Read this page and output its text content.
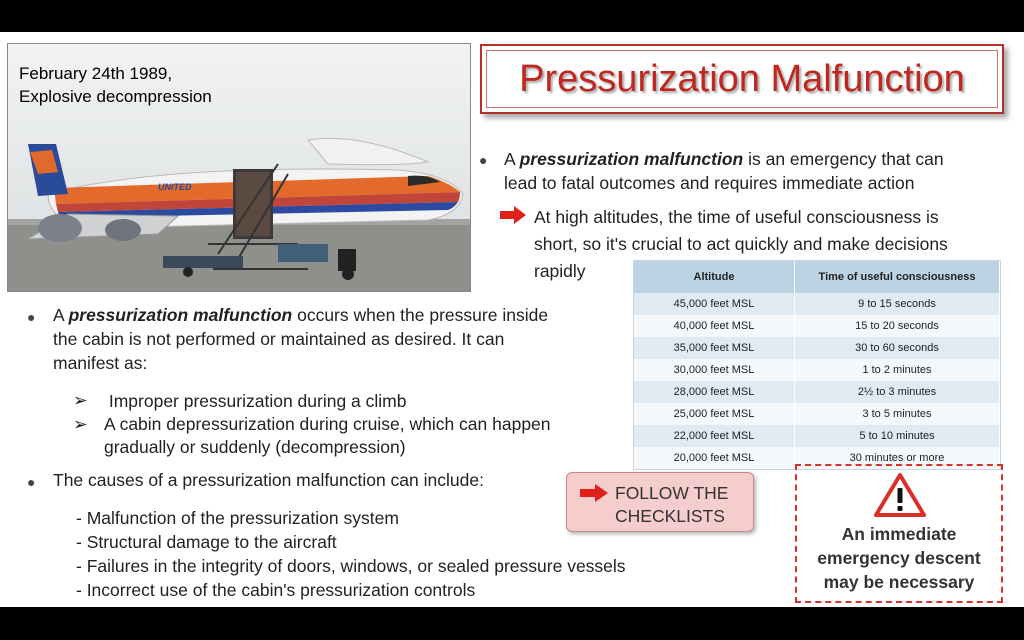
UNITED
February 24th 1989,
Explosive decompression	Pressurization Malfunction
● A pressurization malfunction is an emergency that can
lead to fatal outcomes and requires immediate action
At high altitudes, the time of useful consciousness is
short, so it's crucial to act quickly and make decisions
rapidly	Altitude	Time of useful consciousness
45,000 feet MSL	9 to 15 seconds
40,000 feet MSL	15 to 20 seconds
35,000 feet MSL	30 to 60 seconds
30,000 feet MSL	1 to 2 minutes
28,000 feet MSL	2½ to 3 minutes
25,000 feet MSL	3 to 5 minutes
22,000 feet MSL	5 to 10 minutes
20,000 feet MSL	30 minutes or more
● A pressurization malfunction occurs when the pressure inside
the cabin is not performed or maintained as desired. It can
manifest as:
➢ Improper pressurization during a climb
➢ A cabin depressurization during cruise, which can happen
gradually or suddenly (decompression)
● The causes of a pressurization malfunction can include:
- Malfunction of the pressurization system
- Structural damage to the aircraft
- Failures in the integrity of doors, windows, or sealed pressure vessels
- Incorrect use of the cabin's pressurization controls
FOLLOW THE
CHECKLISTS
An immediate
emergency descent
may be necessary
